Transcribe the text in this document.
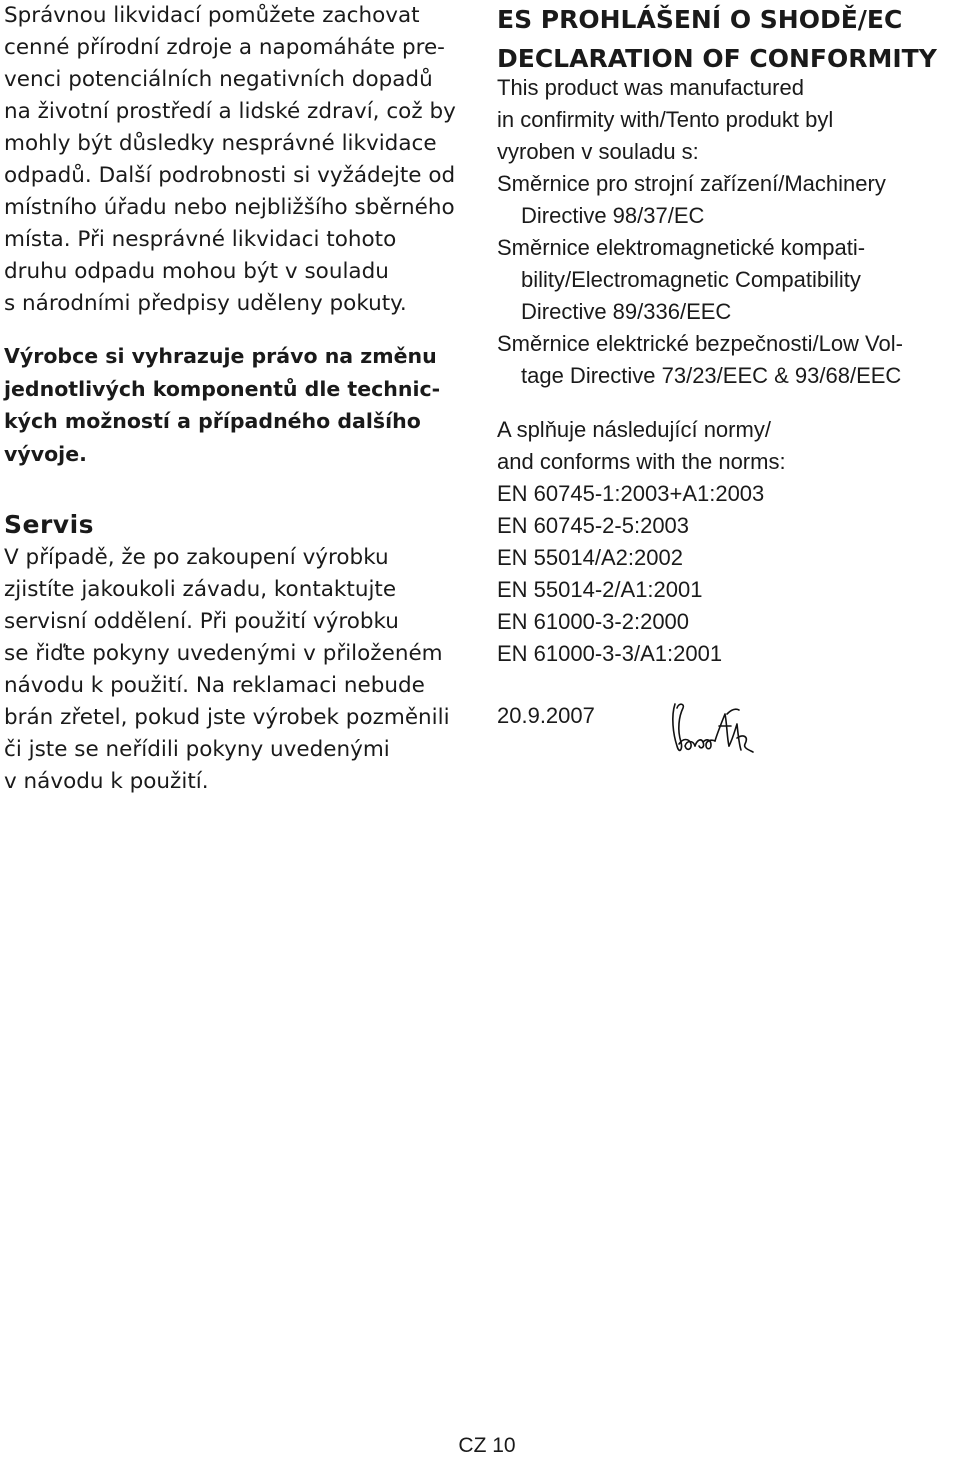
Správnou likvidací pomůžete zachovat
cenné přírodní zdroje a napomáháte pre-
venci potenciálních negativních dopadů
na životní prostředí a lidské zdraví, což by
mohly být důsledky nesprávné likvidace
odpadů. Další podrobnosti si vyžádejte od
místního úřadu nebo nejbližšího sběrného
místa. Při nesprávné likvidaci tohoto
druhu odpadu mohou být v souladu
s národními předpisy uděleny pokuty.
Výrobce si vyhrazuje právo na změnu
jednotlivých komponentů dle technic-
kých možností a případného dalšího
vývoje.
Servis
V případě, že po zakoupení výrobku
zjistíte jakoukoli závadu, kontaktujte
servisní oddělení. Při použití výrobku
se řiďte pokyny uvedenými v přiloženém
návodu k použití. Na reklamaci nebude
brán zřetel, pokud jste výrobek pozměnili
či jste se neřídili pokyny uvedenými
v návodu k použití.
ES PROHLÁŠENÍ O SHODĚ/EC
DECLARATION OF CONFORMITY
This product was manufactured
in confirmity with/Tento produkt byl
vyroben v souladu s:
Směrnice pro strojní zařízení/Machinery
Directive 98/37/EC
Směrnice elektromagnetické kompati-
bility/Electromagnetic Compatibility
Directive 89/336/EEC
Směrnice elektrické bezpečnosti/Low Vol-
tage Directive 73/23/EEC & 93/68/EEC
A splňuje následující normy/
and conforms with the norms:
EN 60745-1:2003+A1:2003
EN 60745-2-5:2003
EN 55014/A2:2002
EN 55014-2/A1:2001
EN 61000-3-2:2000
EN 61000-3-3/A1:2001
20.9.2007
CZ 10
